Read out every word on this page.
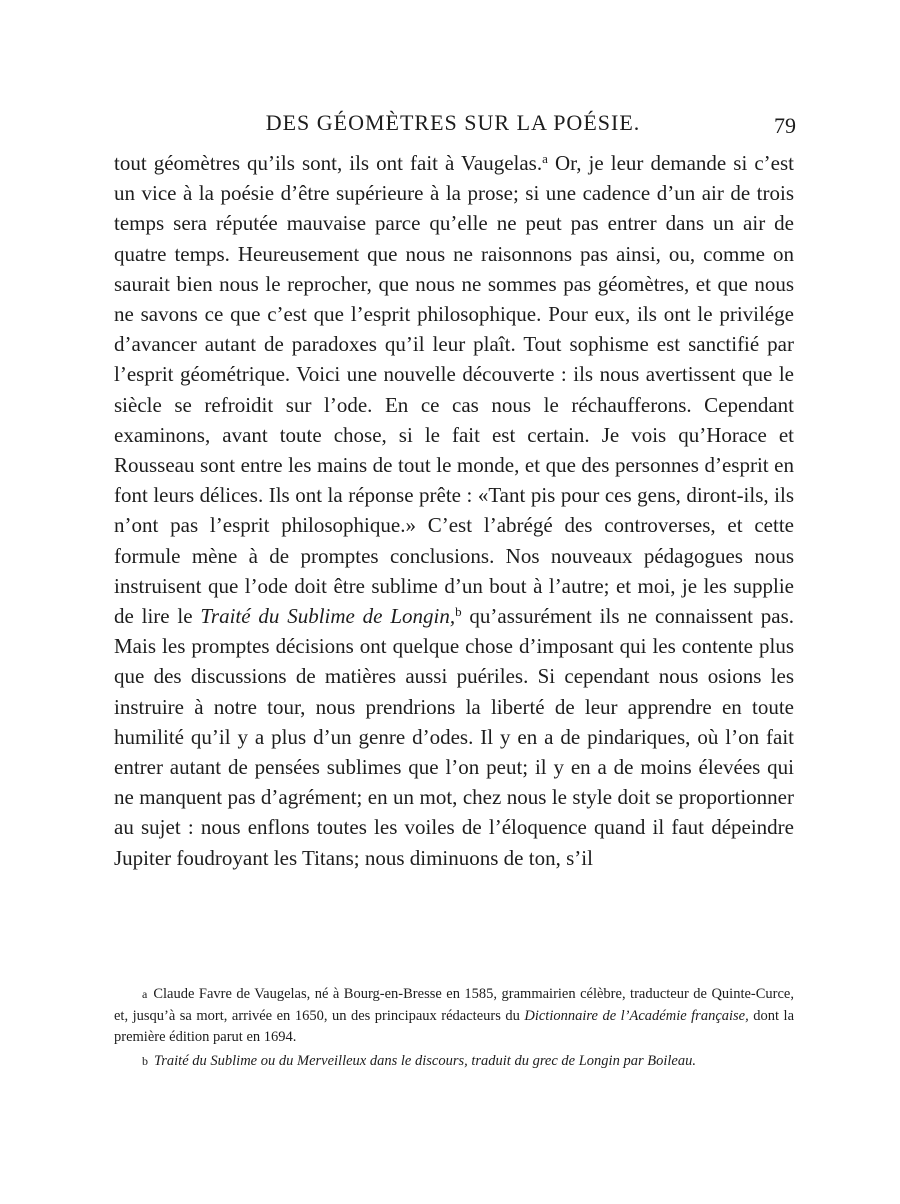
DES GÉOMÈTRES SUR LA POÉSIE.	79

tout géomètres qu’ils sont, ils ont fait à Vaugelas.$^a$ Or, je leur demande si c’est un vice à la poésie d’être supérieure à la prose; si une cadence d’un air de trois temps sera réputée mauvaise parce qu’elle ne peut pas entrer dans un air de quatre temps. Heureusement que nous ne raisonnons pas ainsi, ou, comme on saurait bien nous le reprocher, que nous ne sommes pas géomètres, et que nous ne savons ce que c’est que l’esprit philosophique. Pour eux, ils ont le privilége d’avancer autant de paradoxes qu’il leur plaît. Tout sophisme est sanctifié par l’esprit géométrique. Voici une nouvelle découverte : ils nous avertissent que le siècle se refroidit sur l’ode. En ce cas nous le réchaufferons. Cependant examinons, avant toute chose, si le fait est certain. Je vois qu’Horace et Rousseau sont entre les mains de tout le monde, et que des personnes d’esprit en font leurs délices. Ils ont la réponse prête : «Tant pis pour ces gens, diront-ils, ils n’ont pas l’esprit philosophique.» C’est l’abrégé des controverses, et cette formule mène à de promptes conclusions. Nos nouveaux pédagogues nous instruisent que l’ode doit être sublime d’un bout à l’autre; et moi, je les supplie de lire le Traité du Sublime de Longin,$^b$ qu’assurément ils ne connaissent pas. Mais les promptes décisions ont quelque chose d’imposant qui les contente plus que des discussions de matières aussi puériles. Si cependant nous osions les instruire à notre tour, nous prendrions la liberté de leur apprendre en toute humilité qu’il y a plus d’un genre d’odes. Il y en a de pindariques, où l’on fait entrer autant de pensées sublimes que l’on peut; il y en a de moins élevées qui ne manquent pas d’agrément; en un mot, chez nous le style doit se proportionner au sujet : nous enflons toutes les voiles de l’éloquence quand il faut dépeindre Jupiter foudroyant les Titans; nous diminuons de ton, s’il

a Claude Favre de Vaugelas, né à Bourg-en-Bresse en 1585, grammairien célèbre, traducteur de Quinte-Curce, et, jusqu’à sa mort, arrivée en 1650, un des principaux rédacteurs du Dictionnaire de l’Académie française, dont la première édition parut en 1694.

b Traité du Sublime ou du Merveilleux dans le discours, traduit du grec de Longin par Boileau.
